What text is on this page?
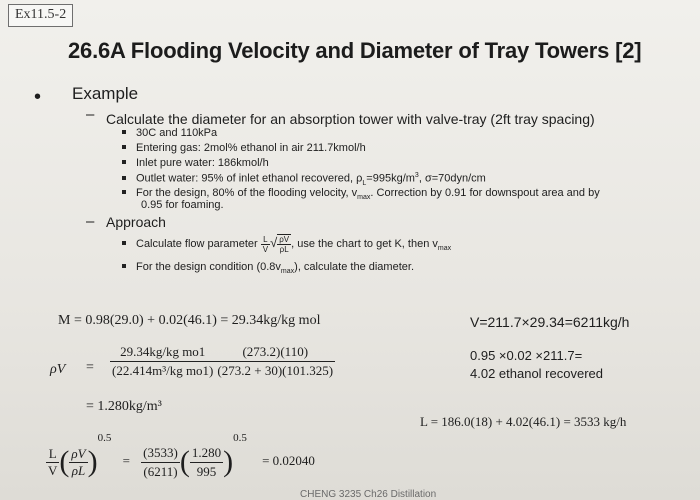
Ex11.5-2
26.6A Flooding Velocity and Diameter of Tray Towers [2]
• Example
– Calculate the diameter for an absorption tower with valve-tray (2ft tray spacing)
30C and 110kPa
Entering gas: 2mol% ethanol in air 211.7kmol/h
Inlet pure water: 186kmol/h
Outlet water: 95% of inlet ethanol recovered, $\rho_L=995kg/m^3$, σ=70dyn/cm
For the design, 80% of the flooding velocity, $v_{max}$. Correction by 0.91 for downspout area and by
0.95 for foaming.
– Approach
Calculate flow parameter $\frac{L}{V}$ √ $\frac{\rho V}{\rho L}$ , use the chart to get K, then $v_{max}$
For the design condition $(0.8v_{max})$, calculate the diameter.
M = 0.98(29.0) + 0.02(46.1) = 29.34kg/kg mol	V=211.7×29.34=6211kg/h
$\rho V = \frac{\text{29.34kg/kg mo1}}{\text{(22.414m³/kg mo1)}} \frac{(273.2)(110)}{(273.2 + 30)(101.325)}$
= 1.280kg/m³
0.95 ×0.02 ×211.7=
4.02 ethanol recovered
L = 186.0(18) + 4.02(46.1) = 3533 kg/h
$\frac{L}{V}$ ( $\frac{\rho V}{\rho L} )^{0.5} = \frac{(3533)}{(6211)}$ ( $\frac{1.280}{995} )^{0.5} = 0.02040$
CHENG 3235 Ch26 Distillation
